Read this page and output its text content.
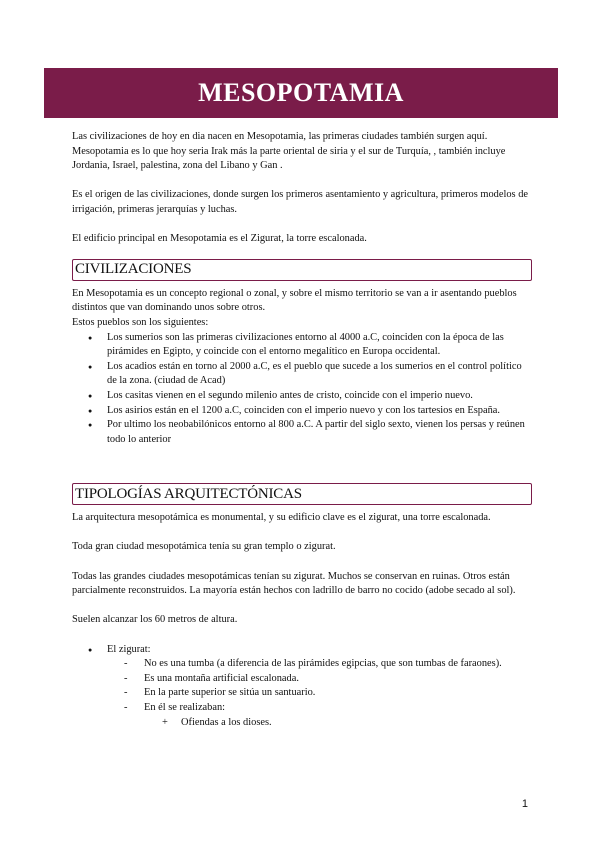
MESOPOTAMIA

Las civilizaciones de hoy en dia nacen en Mesopotamia, las primeras ciudades también surgen aquí. Mesopotamia es lo que hoy seria Irak más la parte oriental de siria y el sur de Turquía, , también incluye Jordania, Israel, palestina, zona del Libano y Gan .

Es el origen de las civilizaciones, donde surgen los primeros asentamiento y agricultura, primeros modelos de irrigación, primeras jerarquías y luchas.

El edificio principal en Mesopotamia es el Zigurat, la torre escalonada.

CIVILIZACIONES

En Mesopotamia es un concepto regional o zonal, y sobre el mismo territorio se van a ir asentando pueblos distintos que van dominando unos sobre otros.

Estos pueblos son los siguientes:

● Los sumerios son las primeras civilizaciones entorno al 4000 a.C, coinciden con la época de las pirámides en Egipto, y coincide con el entorno megalítico en Europa occidental.
● Los acadios están en torno al 2000 a.C, es el pueblo que sucede a los sumerios en el control político de la zona. (ciudad de Acad)
● Los casitas vienen en el segundo milenio antes de cristo, coincide con el imperio nuevo.
● Los asirios están en el 1200 a.C, coinciden con el imperio nuevo y con los tartesios en España.
● Por ultimo los neobabilónicos entorno al 800 a.C. A partir del siglo sexto, vienen los persas y reúnen todo lo anterior
TIPOLOGÍAS ARQUITECTÓNICAS

La arquitectura mesopotámica es monumental, y su edificio clave es el zigurat, una torre escalonada.

Toda gran ciudad mesopotámica tenía su gran templo o zigurat.

Todas las grandes ciudades mesopotámicas tenían su zigurat. Muchos se conservan en ruinas. Otros están parcialmente reconstruidos. La mayoría están hechos con ladrillo de barro no cocido (adobe secado al sol).

Suelen alcanzar los 60 metros de altura.

● El zigurat:
- No es una tumba (a diferencia de las pirámides egipcias, que son tumbas de faraones).
- Es una montaña artificial escalonada.
- En la parte superior se sitúa un santuario.
- En él se realizaban:
+ Ofiendas a los dioses.
1
